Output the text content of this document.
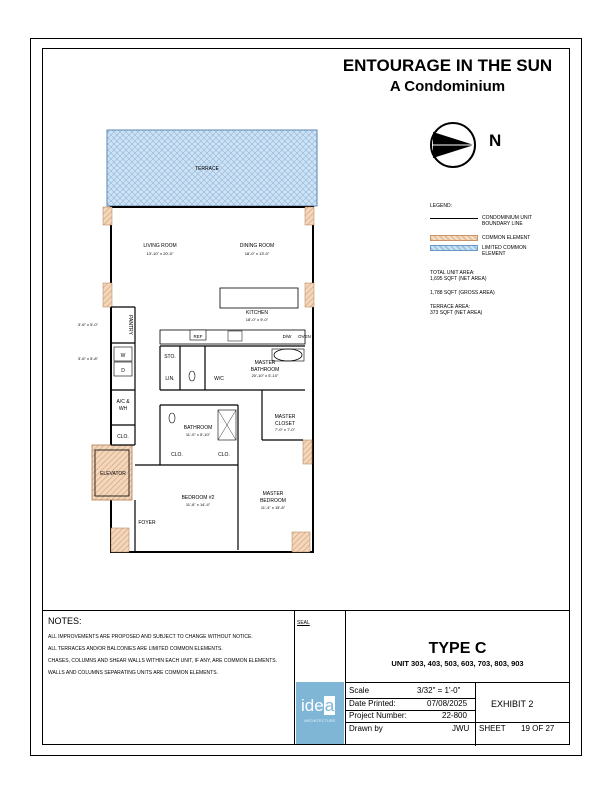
ENTOURAGE IN THE SUN
A Condominium
N
LEGEND:
CONDOMINIUM UNIT
BOUNDARY LINE
COMMON ELEMENT
LIMITED COMMON
ELEMENT
TOTAL UNIT AREA:
1,695 SQFT (NET AREA)
1,788 SQFT (GROSS AREA)
TERRACE AREA:
373 SQFT (NET AREA)
TERRACE
ELEVATOR
REF	D/W OVEN
LIVING ROOM
13'-10" x 20'-0"
DINING ROOM
18'-0" x 13'-0"
KITCHEN
18'-0" x 9'-0"
PANTRY
3'-6" x 5'-0"
3'-6" x 5'-8"	W
D
STO.
LIN.	W/C
MASTER
BATHROOM
20'-10" x 5'-10"
A/C &
WH
CLO.
BATHROOM
11'-0" x 5'-10"
MASTER
CLOSET
7'-0" x 7'-0"
CLO.	CLO.
BEDROOM #2
11'-6" x 14'-4"
MASTER
BEDROOM
11'-4" x 15'-6"
FOYER
NOTES:

ALL IMPROVEMENTS ARE PROPOSED AND SUBJECT TO CHANGE WITHOUT NOTICE.

ALL TERRACES AND/OR BALCONIES ARE LIMITED COMMON ELEMENTS.

CHASES, COLUMNS AND SHEAR WALLS WITHIN EACH UNIT, IF ANY, ARE COMMON ELEMENTS.

WALLS AND COLUMNS SEPARATING UNITS ARE COMMON ELEMENTS.

SEAL
idea
ARCHITECTURE
TYPE C
UNIT 303, 403, 503, 603, 703, 803, 903
Scale	3/32" = 1'-0"
Date Printed:	07/08/2025
Project Number:	22-800
Drawn by	JWU
EXHIBIT 2
SHEET 19 OF 27
